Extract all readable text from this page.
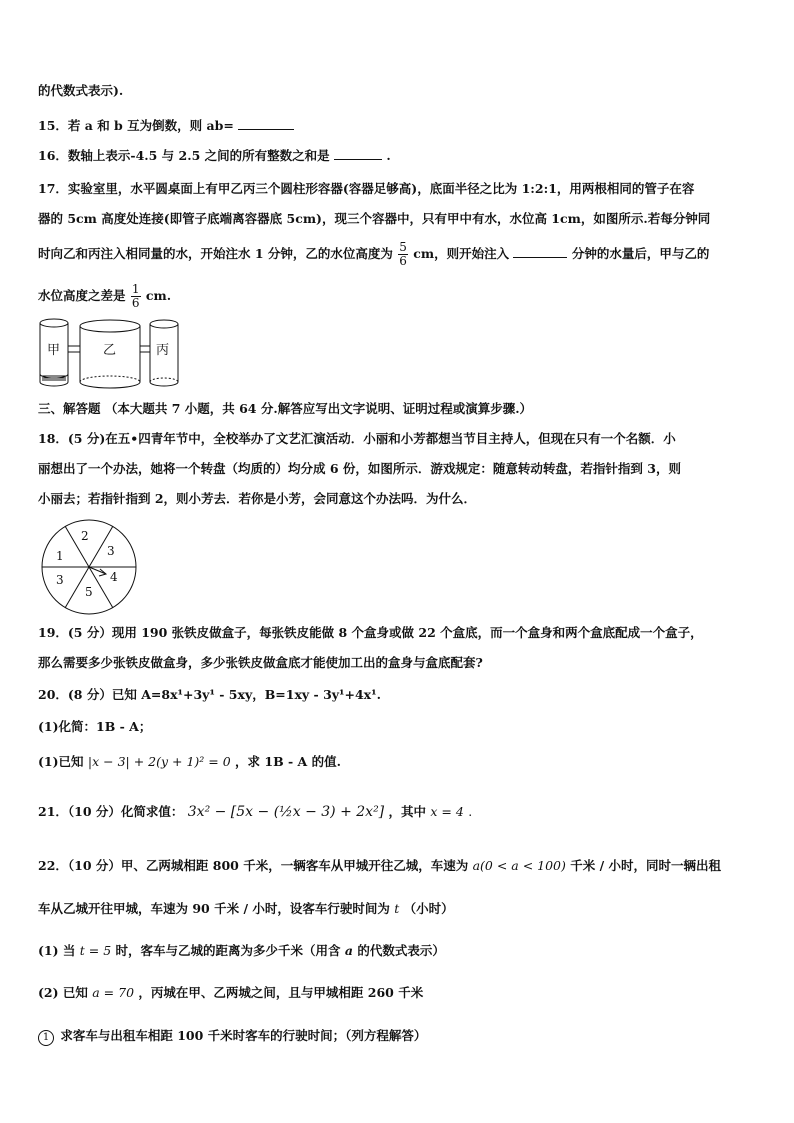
的代数式表示).
15．若 a 和 b 互为倒数，则 ab=
16．数轴上表示-4.5 与 2.5 之间的所有整数之和是	.
17．实验室里，水平圆桌面上有甲乙丙三个圆柱形容器(容器足够高)，底面半径之比为 1:2:1，用两根相同的管子在容
器的 5cm 高度处连接(即管子底端离容器底 5cm)，现三个容器中，只有甲中有水，水位高 1cm，如图所示.若每分钟同
时向乙和丙注入相同量的水，开始注水 1 分钟，乙的水位高度为 $\frac{5}{6}$ cm，则开始注入	分钟的水量后，甲与乙的
水位高度之差是 $\frac{1}{6}$ cm.
甲	乙	丙
三、解答题 （本大题共 7 小题，共 64 分.解答应写出文字说明、证明过程或演算步骤.）
18．(5 分)在五•四青年节中，全校举办了文艺汇演活动．小丽和小芳都想当节目主持人，但现在只有一个名额．小
丽想出了一个办法，她将一个转盘（均质的）均分成 6 份，如图所示．游戏规定：随意转动转盘，若指针指到 3，则
小丽去；若指针指到 2，则小芳去．若你是小芳，会同意这个办法吗．为什么．
2
3
1
4
3
5
19．(5 分）现用 190 张铁皮做盒子，每张铁皮能做 8 个盒身或做 22 个盒底，而一个盒身和两个盒底配成一个盒子，
那么需要多少张铁皮做盒身，多少张铁皮做盒底才能使加工出的盒身与盒底配套?
20．(8 分）已知 A=8x¹+3y¹ - 5xy，B=1xy - 3y¹+4x¹.
(1)化简：1B - A；
(1)已知 |x − 3| + 2(y + 1)² = 0 ，求 1B - A 的值.
21．（10 分）化简求值： 3x² − [5x − (½x − 3) + 2x²] ，其中 x = 4 .
22．（10 分）甲、乙两城相距 800 千米，一辆客车从甲城开往乙城，车速为 a(0 < a < 100) 千米 / 小时，同时一辆出租
车从乙城开往甲城，车速为 90 千米 / 小时，设客车行驶时间为 t （小时）
(1) 当 t = 5 时，客车与乙城的距离为多少千米（用含 a 的代数式表示）
(2) 已知 a = 70 ，丙城在甲、乙两城之间，且与甲城相距 260 千米
1 求客车与出租车相距 100 千米时客车的行驶时间；（列方程解答）
